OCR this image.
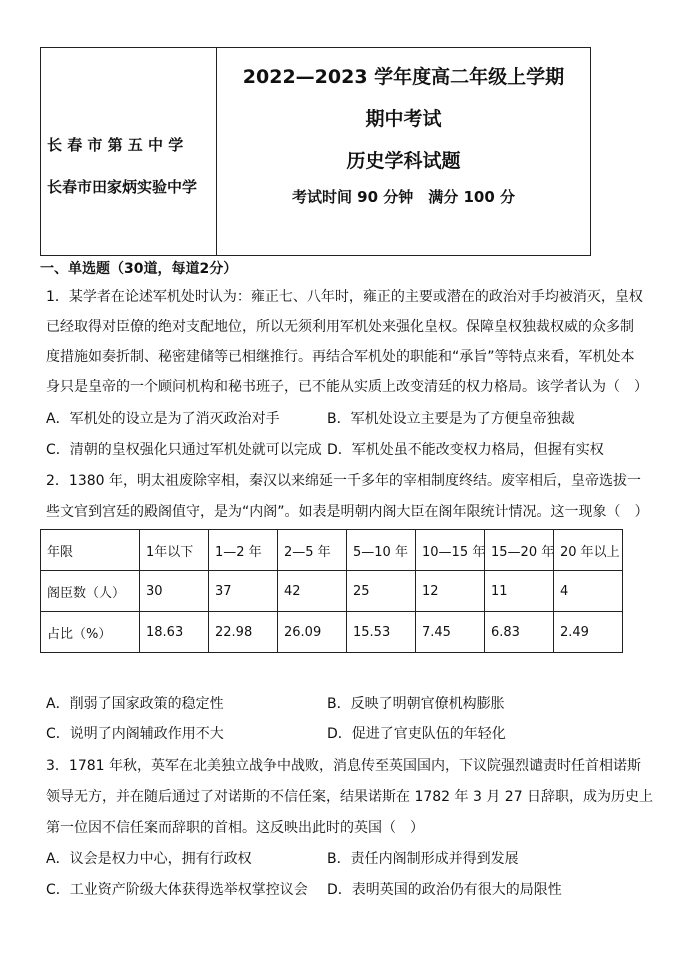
长春市第五中学
长春市田家炳实验中学
2022—2023 学年度高二年级上学期
期中考试
历史学科试题
考试时间 90 分钟　满分 100 分
一、单选题（30道，每道2分）
1．某学者在论述军机处时认为：雍正七、八年时，雍正的主要或潜在的政治对手均被消灭，皇权
已经取得对臣僚的绝对支配地位，所以无须利用军机处来强化皇权。保障皇权独裁权威的众多制
度措施如奏折制、秘密建储等已相继推行。再结合军机处的职能和“承旨”等特点来看，军机处本
身只是皇帝的一个顾问机构和秘书班子，已不能从实质上改变清廷的权力格局。该学者认为（　）
A．军机处的设立是为了消灭政治对手	B．军机处设立主要是为了方便皇帝独裁
C．清朝的皇权强化只通过军机处就可以完成 D．军机处虽不能改变权力格局，但握有实权
2．1380 年，明太祖废除宰相，秦汉以来绵延一千多年的宰相制度终结。废宰相后，皇帝选拔一
些文官到宫廷的殿阁值守，是为“内阁”。如表是明朝内阁大臣在阁年限统计情况。这一现象（　）
年限	1年以下	1—2 年	2—5 年	5—10 年	10—15 年	15—20 年	20 年以上
阁臣数（人）	30	37	42	25	12	11	4
占比（%）	18.63	22.98	26.09	15.53	7.45	6.83	2.49
A．削弱了国家政策的稳定性	B．反映了明朝官僚机构膨胀
C．说明了内阁辅政作用不大	D．促进了官吏队伍的年轻化
3．1781 年秋，英军在北美独立战争中战败，消息传至英国国内，下议院强烈谴责时任首相诺斯
领导无方，并在随后通过了对诺斯的不信任案，结果诺斯在 1782 年 3 月 27 日辞职，成为历史上
第一位因不信任案而辞职的首相。这反映出此时的英国（　）
A．议会是权力中心，拥有行政权	B．责任内阁制形成并得到发展
C．工业资产阶级大体获得选举权掌控议会 D．表明英国的政治仍有很大的局限性
